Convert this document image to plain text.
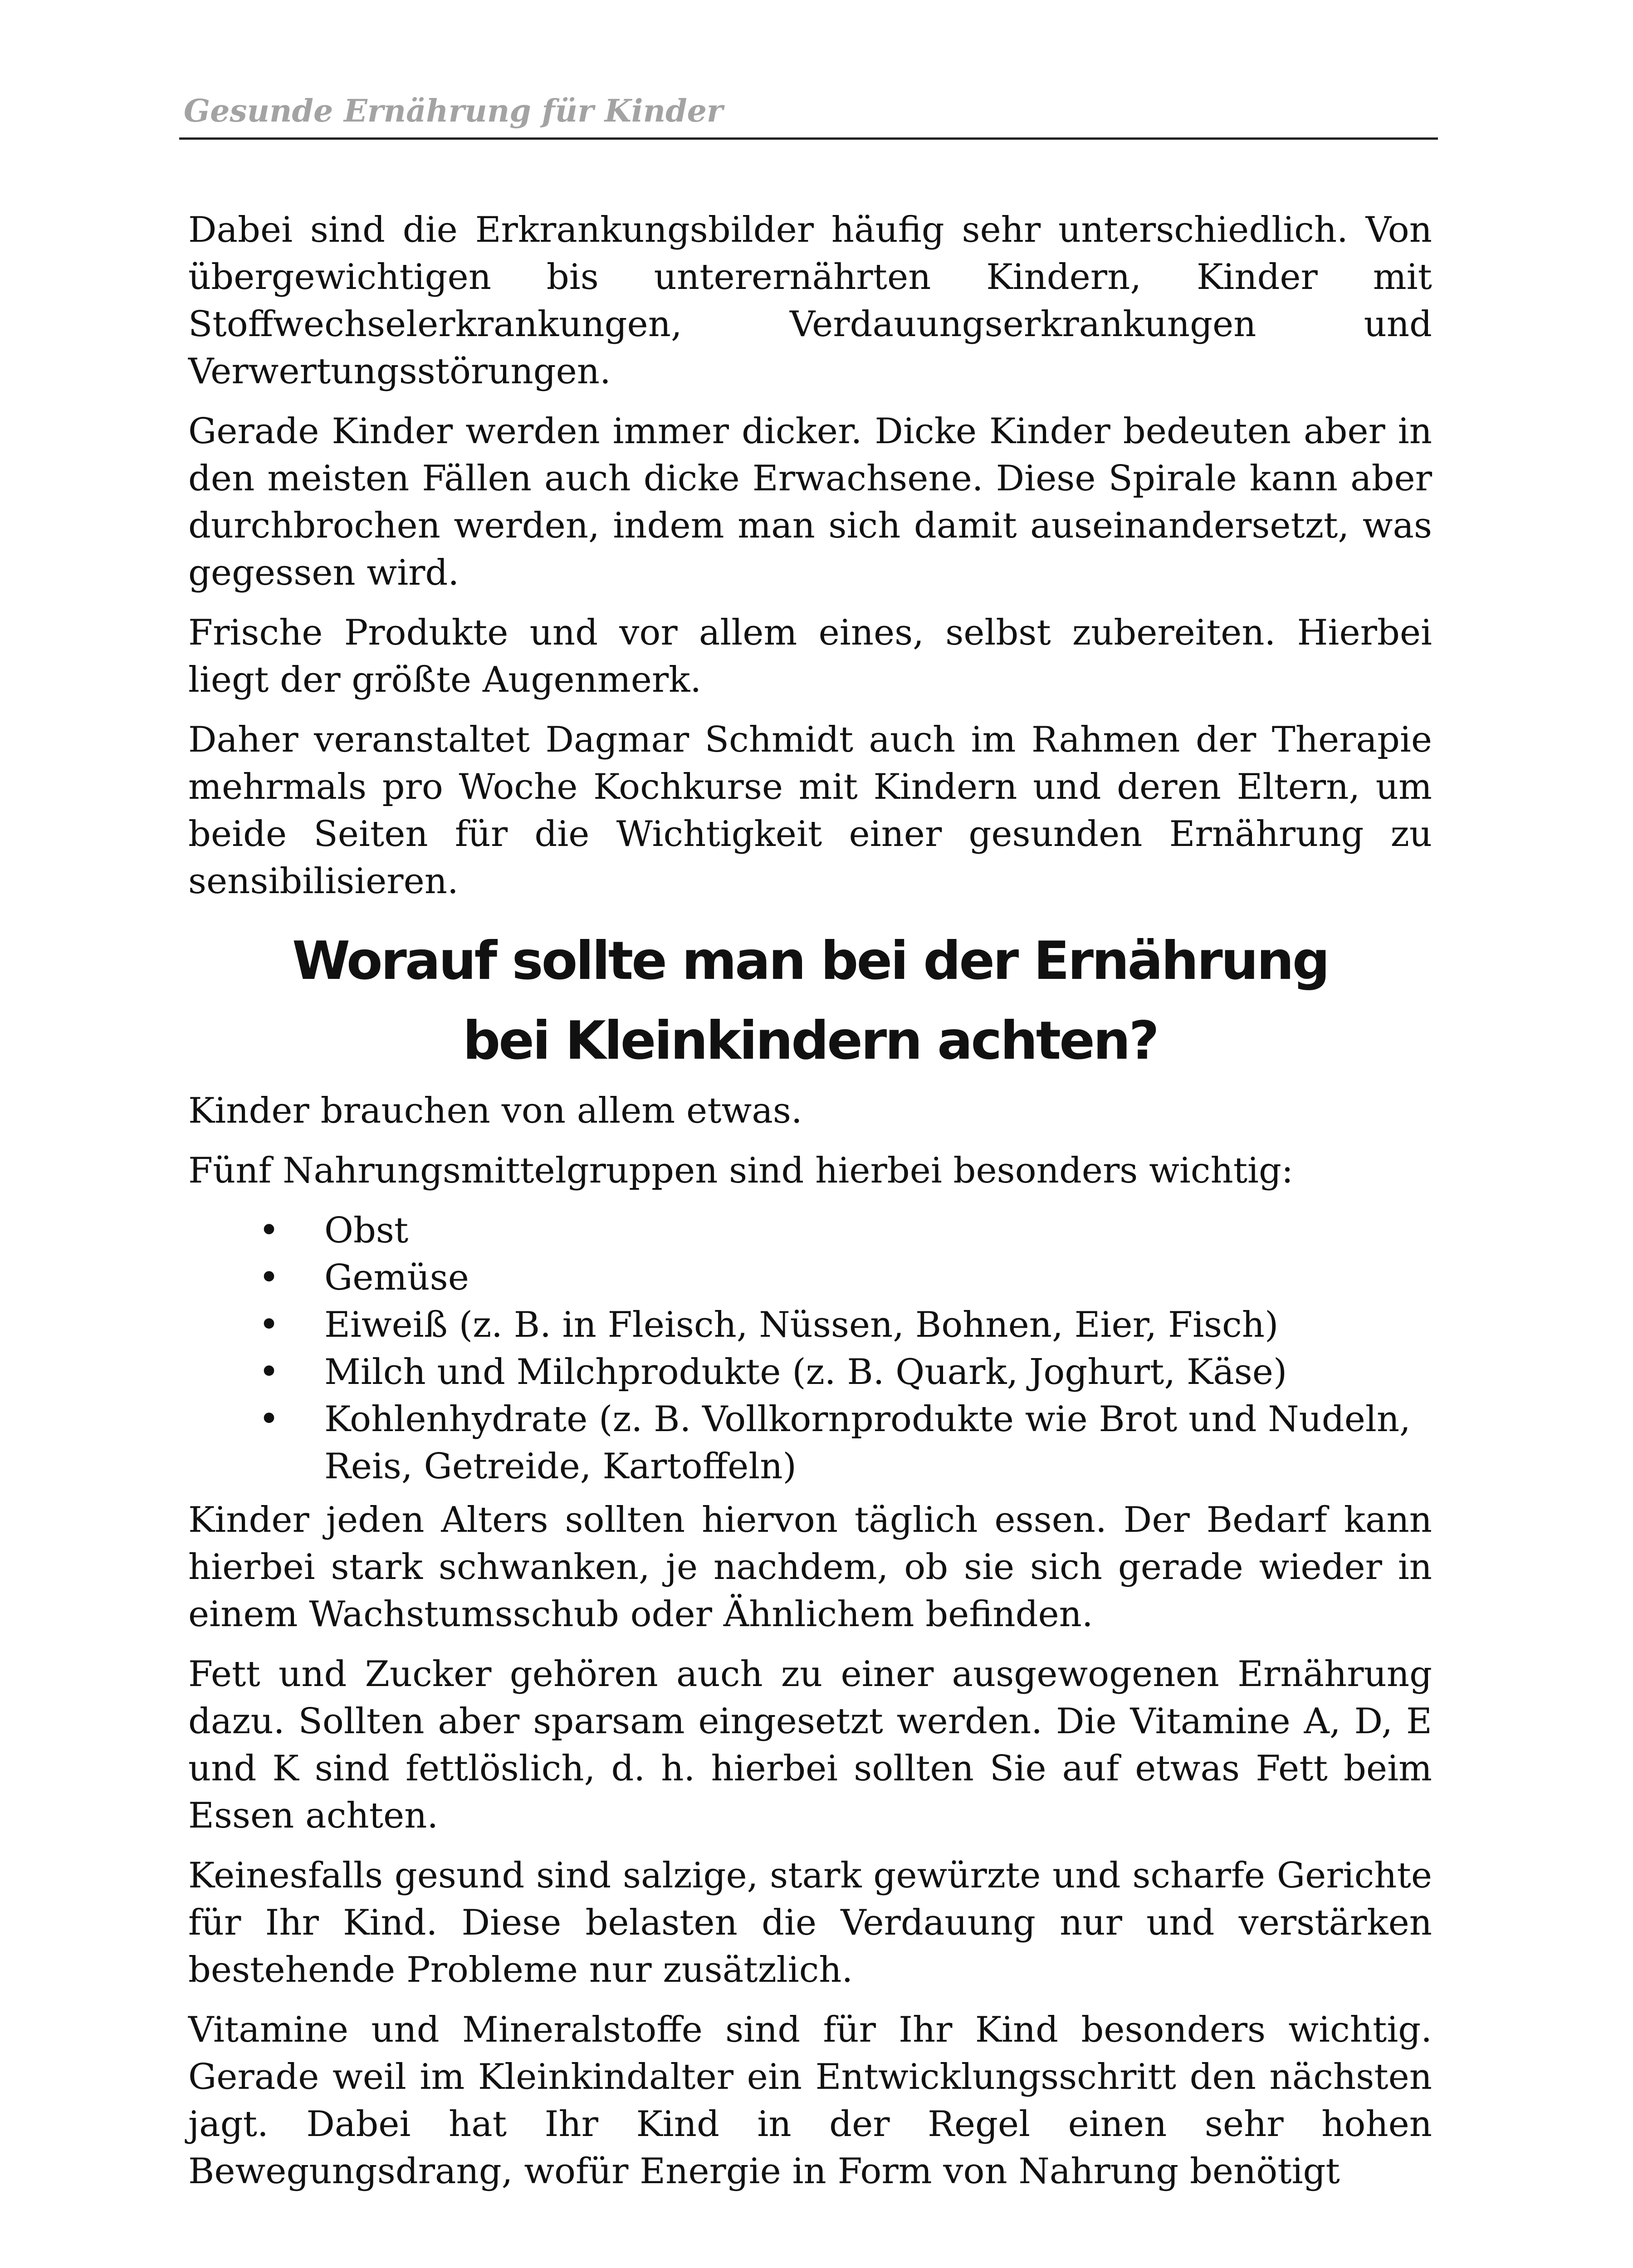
Gesunde Ernährung für Kinder

Dabei sind die Erkrankungsbilder häufig sehr unterschiedlich. Von übergewichtigen bis unterernährten Kindern, Kinder mit Stoffwechselerkrankungen, Verdauungserkrankungen und Verwertungsstörungen.

Gerade Kinder werden immer dicker. Dicke Kinder bedeuten aber in den meisten Fällen auch dicke Erwachsene. Diese Spirale kann aber durchbrochen werden, indem man sich damit auseinandersetzt, was gegessen wird.

Frische Produkte und vor allem eines, selbst zubereiten. Hierbei liegt der größte Augenmerk.

Daher veranstaltet Dagmar Schmidt auch im Rahmen der Therapie mehrmals pro Woche Kochkurse mit Kindern und deren Eltern, um beide Seiten für die Wichtigkeit einer gesunden Ernährung zu sensibilisieren.

Worauf sollte man bei der Ernährung
bei Kleinkindern achten?

Kinder brauchen von allem etwas.

Fünf Nahrungsmittelgruppen sind hierbei besonders wichtig:

• Obst
• Gemüse
• Eiweiß (z. B. in Fleisch, Nüssen, Bohnen, Eier, Fisch)
• Milch und Milchprodukte (z. B. Quark, Joghurt, Käse)
• Kohlenhydrate (z. B. Vollkornprodukte wie Brot und Nudeln, Reis, Getreide, Kartoffeln)

Kinder jeden Alters sollten hiervon täglich essen. Der Bedarf kann hierbei stark schwanken, je nachdem, ob sie sich gerade wieder in einem Wachstumsschub oder Ähnlichem befinden.

Fett und Zucker gehören auch zu einer ausgewogenen Ernährung dazu. Sollten aber sparsam eingesetzt werden. Die Vitamine A, D, E und K sind fettlöslich, d. h. hierbei sollten Sie auf etwas Fett beim Essen achten.

Keinesfalls gesund sind salzige, stark gewürzte und scharfe Gerichte für Ihr Kind. Diese belasten die Verdauung nur und verstärken bestehende Probleme nur zusätzlich.

Vitamine und Mineralstoffe sind für Ihr Kind besonders wichtig. Gerade weil im Kleinkindalter ein Entwicklungsschritt den nächsten jagt. Dabei hat Ihr Kind in der Regel einen sehr hohen Bewegungsdrang, wofür Energie in Form von Nahrung benötigt
